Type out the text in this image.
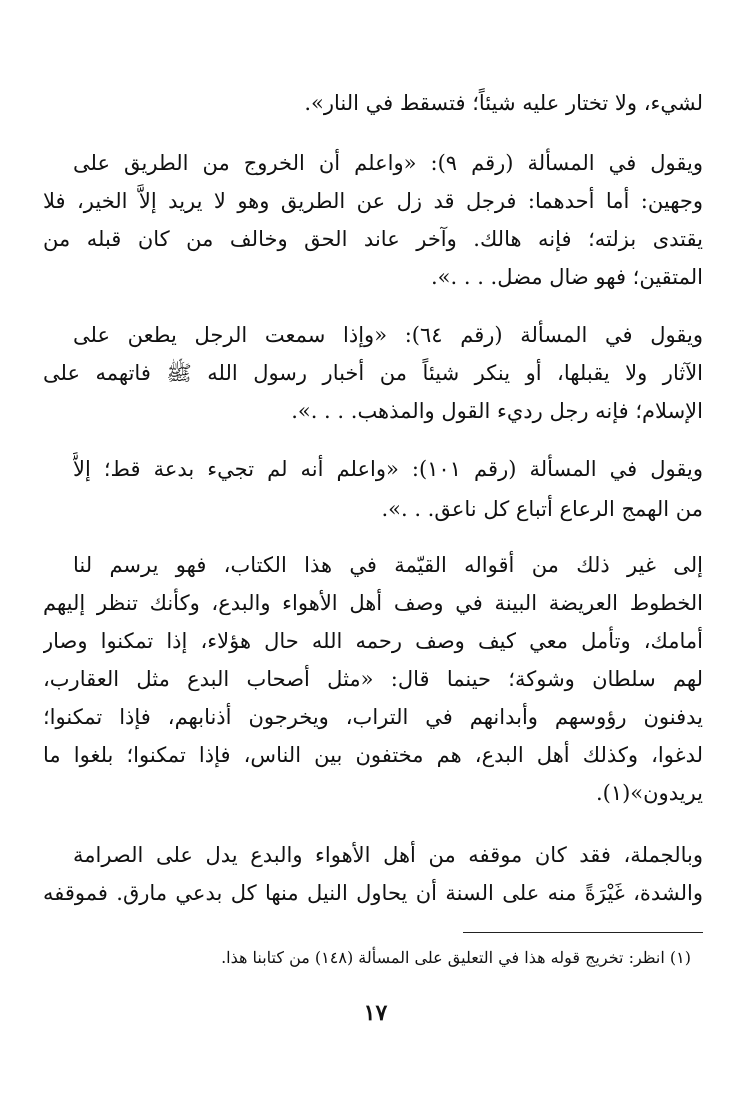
لشيء، ولا تختار عليه شيئاً؛ فتسقط في النار».
ويقول في المسألة (رقم ٩): «واعلم أن الخروج من الطريق على
وجهين: أما أحدهما: فرجل قد زل عن الطريق وهو لا يريد إلاَّ الخير، فلا
يقتدى بزلته؛ فإنه هالك. وآخر عاند الحق وخالف من كان قبله من
المتقين؛ فهو ضال مضل. . . .».
ويقول في المسألة (رقم ٦٤): «وإذا سمعت الرجل يطعن على
الآثار ولا يقبلها، أو ينكر شيئاً من أخبار رسول الله ﷺ فاتهمه على
الإسلام؛ فإنه رجل رديء القول والمذهب. . . .».
ويقول في المسألة (رقم ١٠١): «واعلم أنه لم تجيء بدعة قط؛ إلاَّ
من الهمج الرعاع أتباع كل ناعق. . .».
إلى غير ذلك من أقواله القيّمة في هذا الكتاب، فهو يرسم لنا
الخطوط العريضة البينة في وصف أهل الأهواء والبدع، وكأنك تنظر إليهم
أمامك، وتأمل معي كيف وصف رحمه الله حال هؤلاء، إذا تمكنوا وصار
لهم سلطان وشوكة؛ حينما قال: «مثل أصحاب البدع مثل العقارب،
يدفنون رؤوسهم وأبدانهم في التراب، ويخرجون أذنابهم، فإذا تمكنوا؛
لدغوا، وكذلك أهل البدع، هم مختفون بين الناس، فإذا تمكنوا؛ بلغوا ما
يريدون»(١).
وبالجملة، فقد كان موقفه من أهل الأهواء والبدع يدل على الصرامة
والشدة، غَيْرَةً منه على السنة أن يحاول النيل منها كل بدعي مارق. فموقفه
(١) انظر: تخريج قوله هذا في التعليق على المسألة (١٤٨) من كتابنا هذا.
١٧
